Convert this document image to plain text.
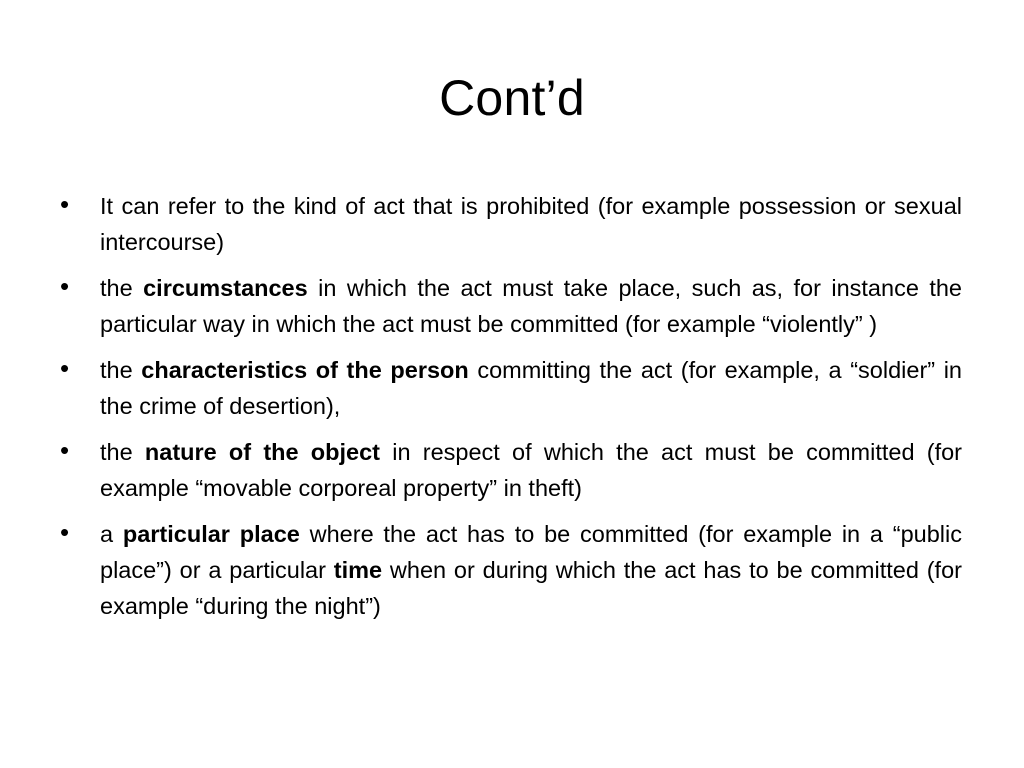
Cont’d
•	It can refer to the kind of act that is prohibited (for example possession or sexual intercourse)
•	the circumstances in which the act must take place, such as, for instance the particular way in which the act must be committed (for example “violently” )
•	the characteristics of the person committing the act (for example, a “soldier” in the crime of desertion),
•	the nature of the object in respect of which the act must be committed (for example “movable corporeal property” in theft)
•	a particular place where the act has to be committed (for example in a “public place”) or a particular time when or during which the act has to be committed (for example “during the night”)
